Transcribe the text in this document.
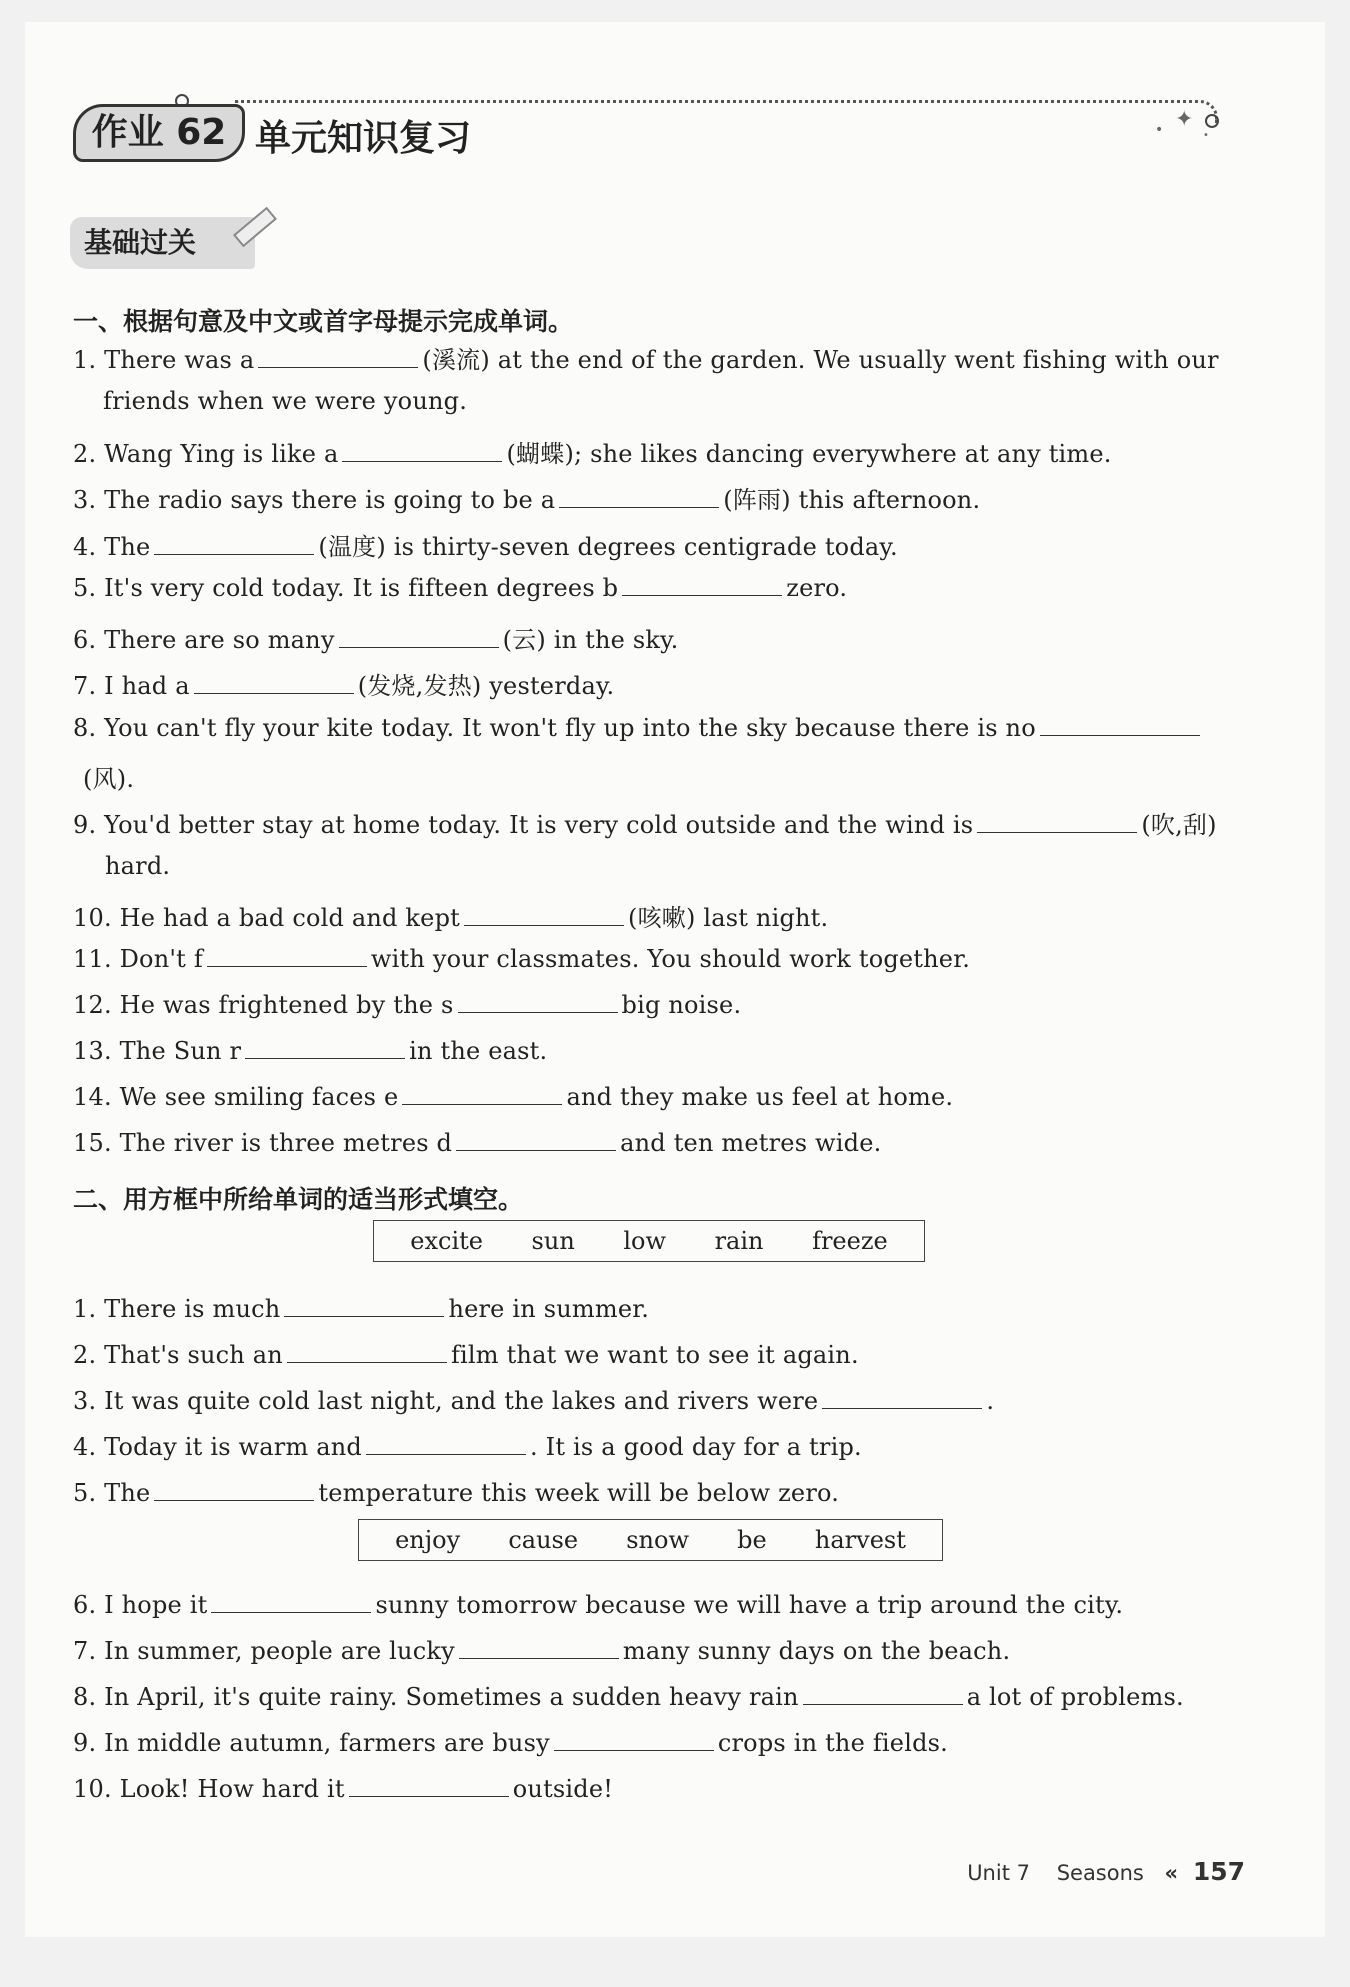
• ✦
•
作业 62 单元知识复习
基础过关
一、根据句意及中文或首字母提示完成单词。
1. There was a	(溪流) at the end of the garden. We usually went fishing with our
friends when we were young.
2. Wang Ying is like a	(蝴蝶); she likes dancing everywhere at any time.
3. The radio says there is going to be a	(阵雨) this afternoon.
4. The	(温度) is thirty-seven degrees centigrade today.
5. It's very cold today. It is fifteen degrees b	zero.
6. There are so many	(云) in the sky.
7. I had a	(发烧,发热) yesterday.
8. You can't fly your kite today. It won't fly up into the sky because there is no
(风).
9. You'd better stay at home today. It is very cold outside and the wind is	(吹,刮)
hard.
10. He had a bad cold and kept	(咳嗽) last night.
11. Don't f	with your classmates. You should work together.
12. He was frightened by the s	big noise.
13. The Sun r	in the east.
14. We see smiling faces e	and they make us feel at home.
15. The river is three metres d	and ten metres wide.
二、用方框中所给单词的适当形式填空。
excite sun low rain freeze
1. There is much	here in summer.
2. That's such an	film that we want to see it again.
3. It was quite cold last night, and the lakes and rivers were	.
4. Today it is warm and	. It is a good day for a trip.
5. The	temperature this week will be below zero.
enjoy cause snow be harvest
6. I hope it	sunny tomorrow because we will have a trip around the city.
7. In summer, people are lucky	many sunny days on the beach.
8. In April, it's quite rainy. Sometimes a sudden heavy rain	a lot of problems.
9. In middle autumn, farmers are busy	crops in the fields.
10. Look! How hard it	outside!
Unit 7 Seasons « 157
